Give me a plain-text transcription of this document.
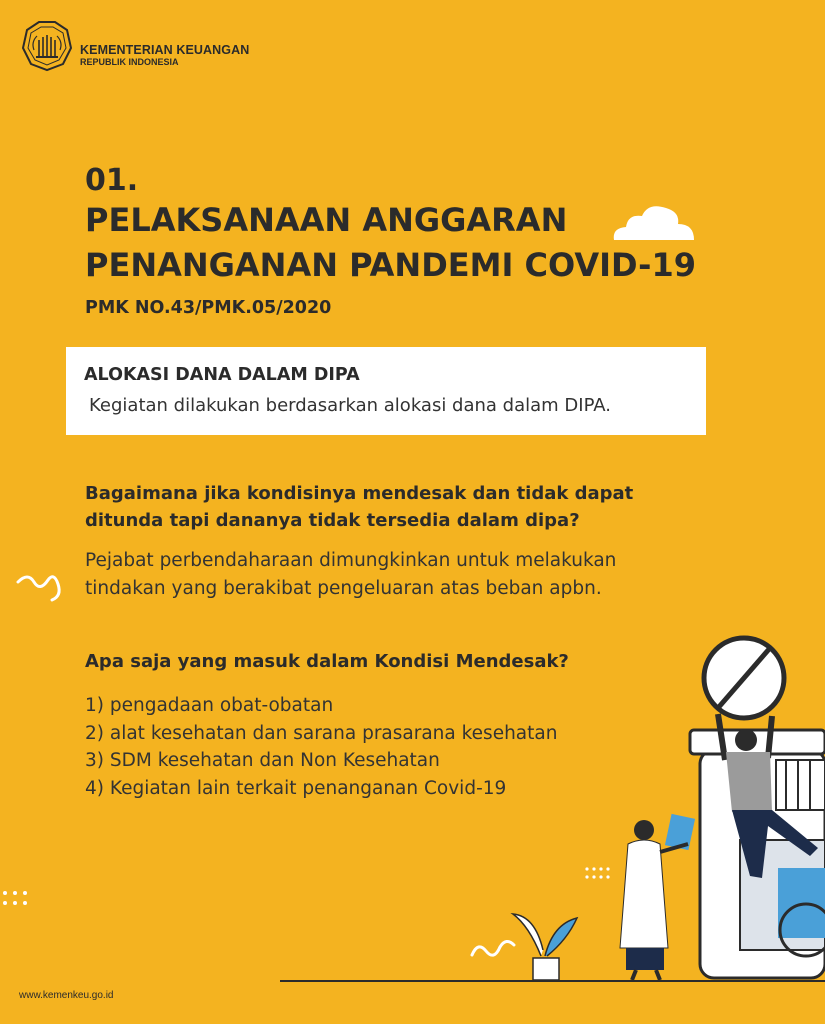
KEMENTERIAN KEUANGAN
REPUBLIK INDONESIA
01.
PELAKSANAAN ANGGARAN
PENANGANAN PANDEMI COVID-19
PMK NO.43/PMK.05/2020
ALOKASI DANA DALAM DIPA
Kegiatan dilakukan berdasarkan alokasi dana dalam DIPA.
Bagaimana jika kondisinya mendesak dan tidak dapat
ditunda tapi dananya tidak tersedia dalam dipa?
Pejabat perbendaharaan dimungkinkan untuk melakukan
tindakan yang berakibat pengeluaran atas beban apbn.
Apa saja yang masuk dalam Kondisi Mendesak?
1) pengadaan obat-obatan
2) alat kesehatan dan sarana prasarana kesehatan
3) SDM kesehatan dan Non Kesehatan
4) Kegiatan lain terkait penanganan Covid-19
www.kemenkeu.go.id
